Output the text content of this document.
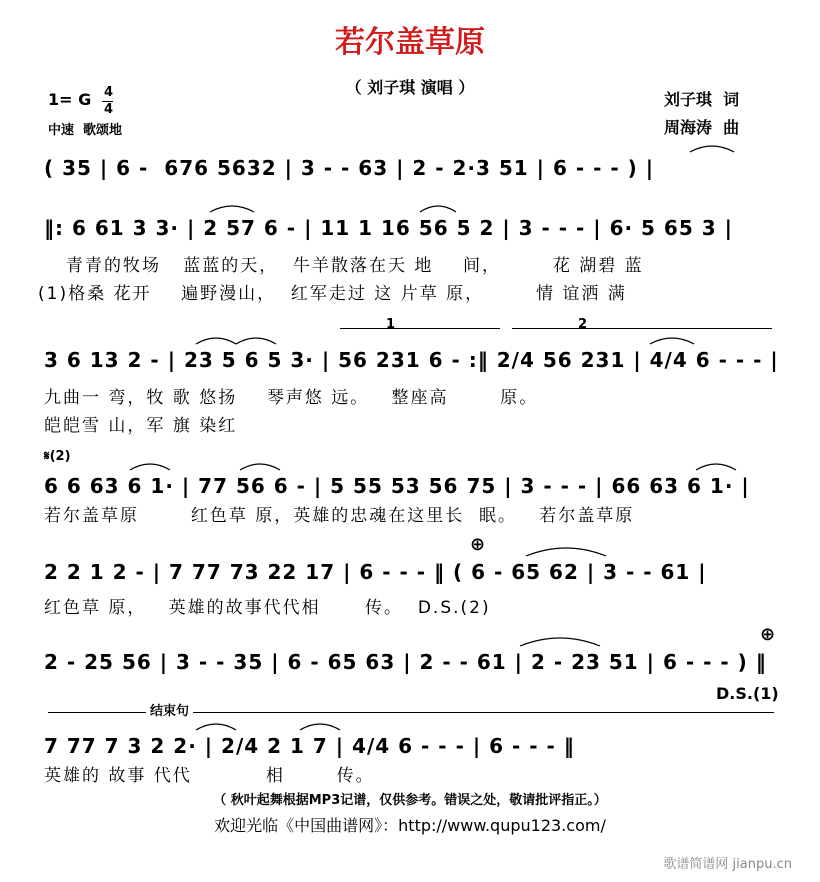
若尔盖草原
（ 刘子琪 演唱 ）
1= G 4
4
中速  歌颂地
刘子琪  词
周海涛  曲
( 35 | 6 -  676 5632 | 3 - - 63 | 2 - 2·3 51 | 6 - - - ) |
‖: 6 61 3 3· | 2 57 6 - | 11 1 16 56 5 2 | 3 - - - | 6· 5 65 3 |
青青的牧场   蓝蓝的天，  牛羊散落在天 地    间，       花 湖碧 蓝
(1)格桑 花开    遍野漫山，  红军走过 这 片草 原，       情 谊洒 满
1	2
3 6 13 2 - | 23 5 6 5 3· | 56 231 6 - :‖ 2/4 56 231 | 4/4 6 - - - |
九曲一 弯，牧 歌 悠扬    琴声悠 远。   整座高       原。
皑皑雪 山，军 旗 染红
𝄋(2)
6 6 63 6 1· | 77 56 6 - | 5 55 53 56 75 | 3 - - - | 66 63 6 1· |
若尔盖草原       红色草 原，英雄的忠魂在这里长  眠。   若尔盖草原
⊕
2 2 1 2 - | 7 77 73 22 17 | 6 - - - ‖ ( 6 - 65 62 | 3 - - 61 |
红色草 原，   英雄的故事代代相      传。  D.S.(2)
⊕
2 - 25 56 | 3 - - 35 | 6 - 65 63 | 2 - - 61 | 2 - 23 51 | 6 - - - ) ‖
D.S.(1)
结束句
7 77 7 3 2 2· | 2/4 2 1 7 | 4/4 6 - - - | 6 - - - ‖
英雄的 故事 代代          相       传。
（ 秋叶起舞根据MP3记谱，仅供参考。错误之处，敬请批评指正。）
欢迎光临《中国曲谱网》：http://www.qupu123.com/
歌谱简谱网 jianpu.cn
